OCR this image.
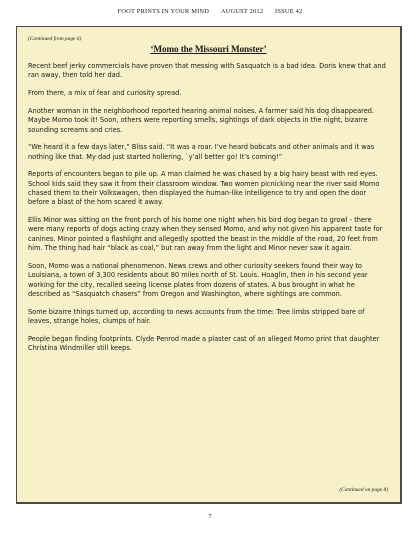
FOOT PRINTS IN YOUR MIND AUGUST 2012 ISSUE 42

(Continued from page 6)

‘Momo the Missouri Monster’

Recent beef jerky commercials have proven that messing with Sasquatch is a bad idea. Doris knew that and ran away, then told her dad.

From there, a mix of fear and curiosity spread.

Another woman in the neighborhood reported hearing animal noises. A farmer said his dog disappeared. Maybe Momo took it! Soon, others were reporting smells, sightings of dark objects in the night, bizarre sounding screams and cries.

“We heard it a few days later,” Bliss said. “It was a roar. I’ve heard bobcats and other animals and it was nothing like that. My dad just started hollering, `y’all better go! It’s coming!”

Reports of encounters began to pile up. A man claimed he was chased by a big hairy beast with red eyes. School kids said they saw it from their classroom window. Two women picnicking near the river said Momo chased them to their Volkswagen, then displayed the human-like intelligence to try and open the door before a blast of the horn scared it away.

Ellis Minor was sitting on the front porch of his home one night when his bird dog began to growl - there were many reports of dogs acting crazy when they sensed Momo, and why not given his apparent taste for canines. Minor pointed a flashlight and allegedly spotted the beast in the middle of the road, 20 feet from him. The thing had hair “black as coal,” but ran away from the light and Minor never saw it again.

Soon, Momo was a national phenomenon. News crews and other curiosity seekers found their way to Louisiana, a town of 3,300 residents about 80 miles north of St. Louis. Hoaglin, then in his second year working for the city, recalled seeing license plates from dozens of states. A bus brought in what he described as “Sasquatch chasers” from Oregon and Washington, where sightings are common.

Some bizarre things turned up, according to news accounts from the time: Tree limbs stripped bare of leaves, strange holes, clumps of hair.

People began finding footprints. Clyde Penrod made a plaster cast of an alleged Momo print that daughter Christina Windmiller still keeps.

(Continued on page 8)
7
